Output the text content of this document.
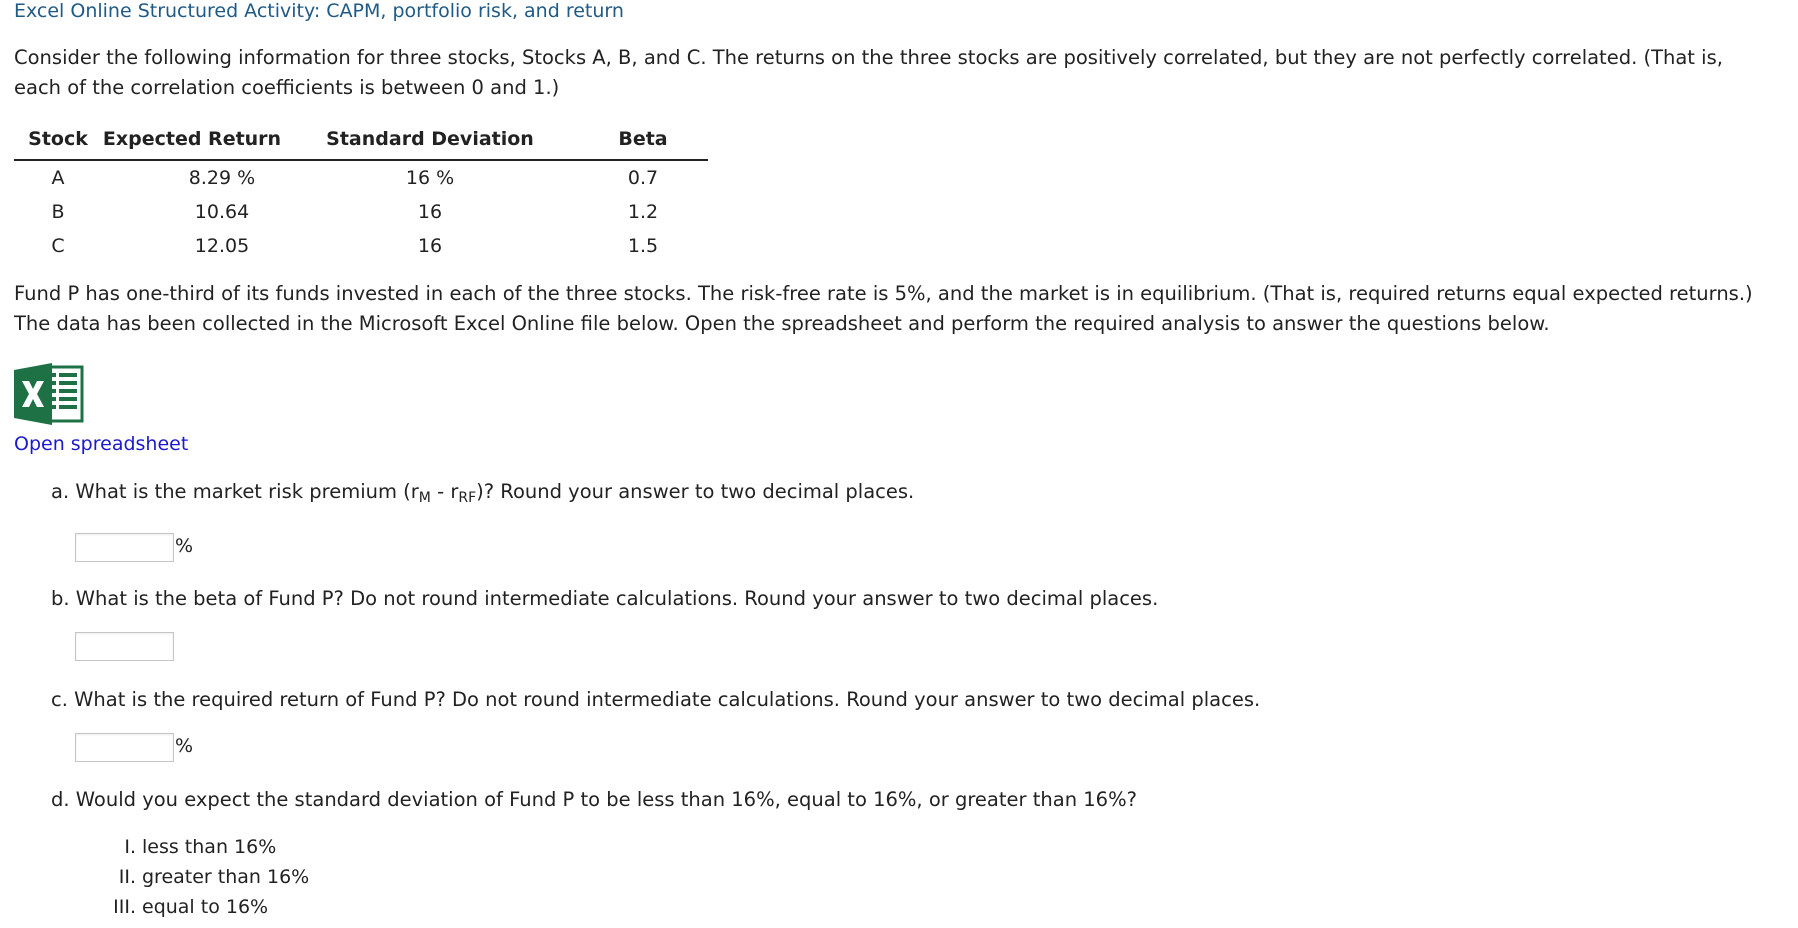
Excel Online Structured Activity: CAPM, portfolio risk, and return
Consider the following information for three stocks, Stocks A, B, and C. The returns on the three stocks are positively correlated, but they are not perfectly correlated. (That is, each of the correlation coefficients is between 0 and 1.)
Stock	Expected Return	Standard Deviation	Beta
A	8.29 %	16 %	0.7
B	10.64	16	1.2
C	12.05	16	1.5
Fund P has one-third of its funds invested in each of the three stocks. The risk-free rate is 5%, and the market is in equilibrium. (That is, required returns equal expected returns.) The data has been collected in the Microsoft Excel Online file below. Open the spreadsheet and perform the required analysis to answer the questions below.
Open spreadsheet
a. What is the market risk premium $(r_M - r_{RF})$? Round your answer to two decimal places.
%
b. What is the beta of Fund P? Do not round intermediate calculations. Round your answer to two decimal places.
c. What is the required return of Fund P? Do not round intermediate calculations. Round your answer to two decimal places.
%
d. Would you expect the standard deviation of Fund P to be less than 16%, equal to 16%, or greater than 16%?
I. less than 16%
II. greater than 16%
III. equal to 16%
